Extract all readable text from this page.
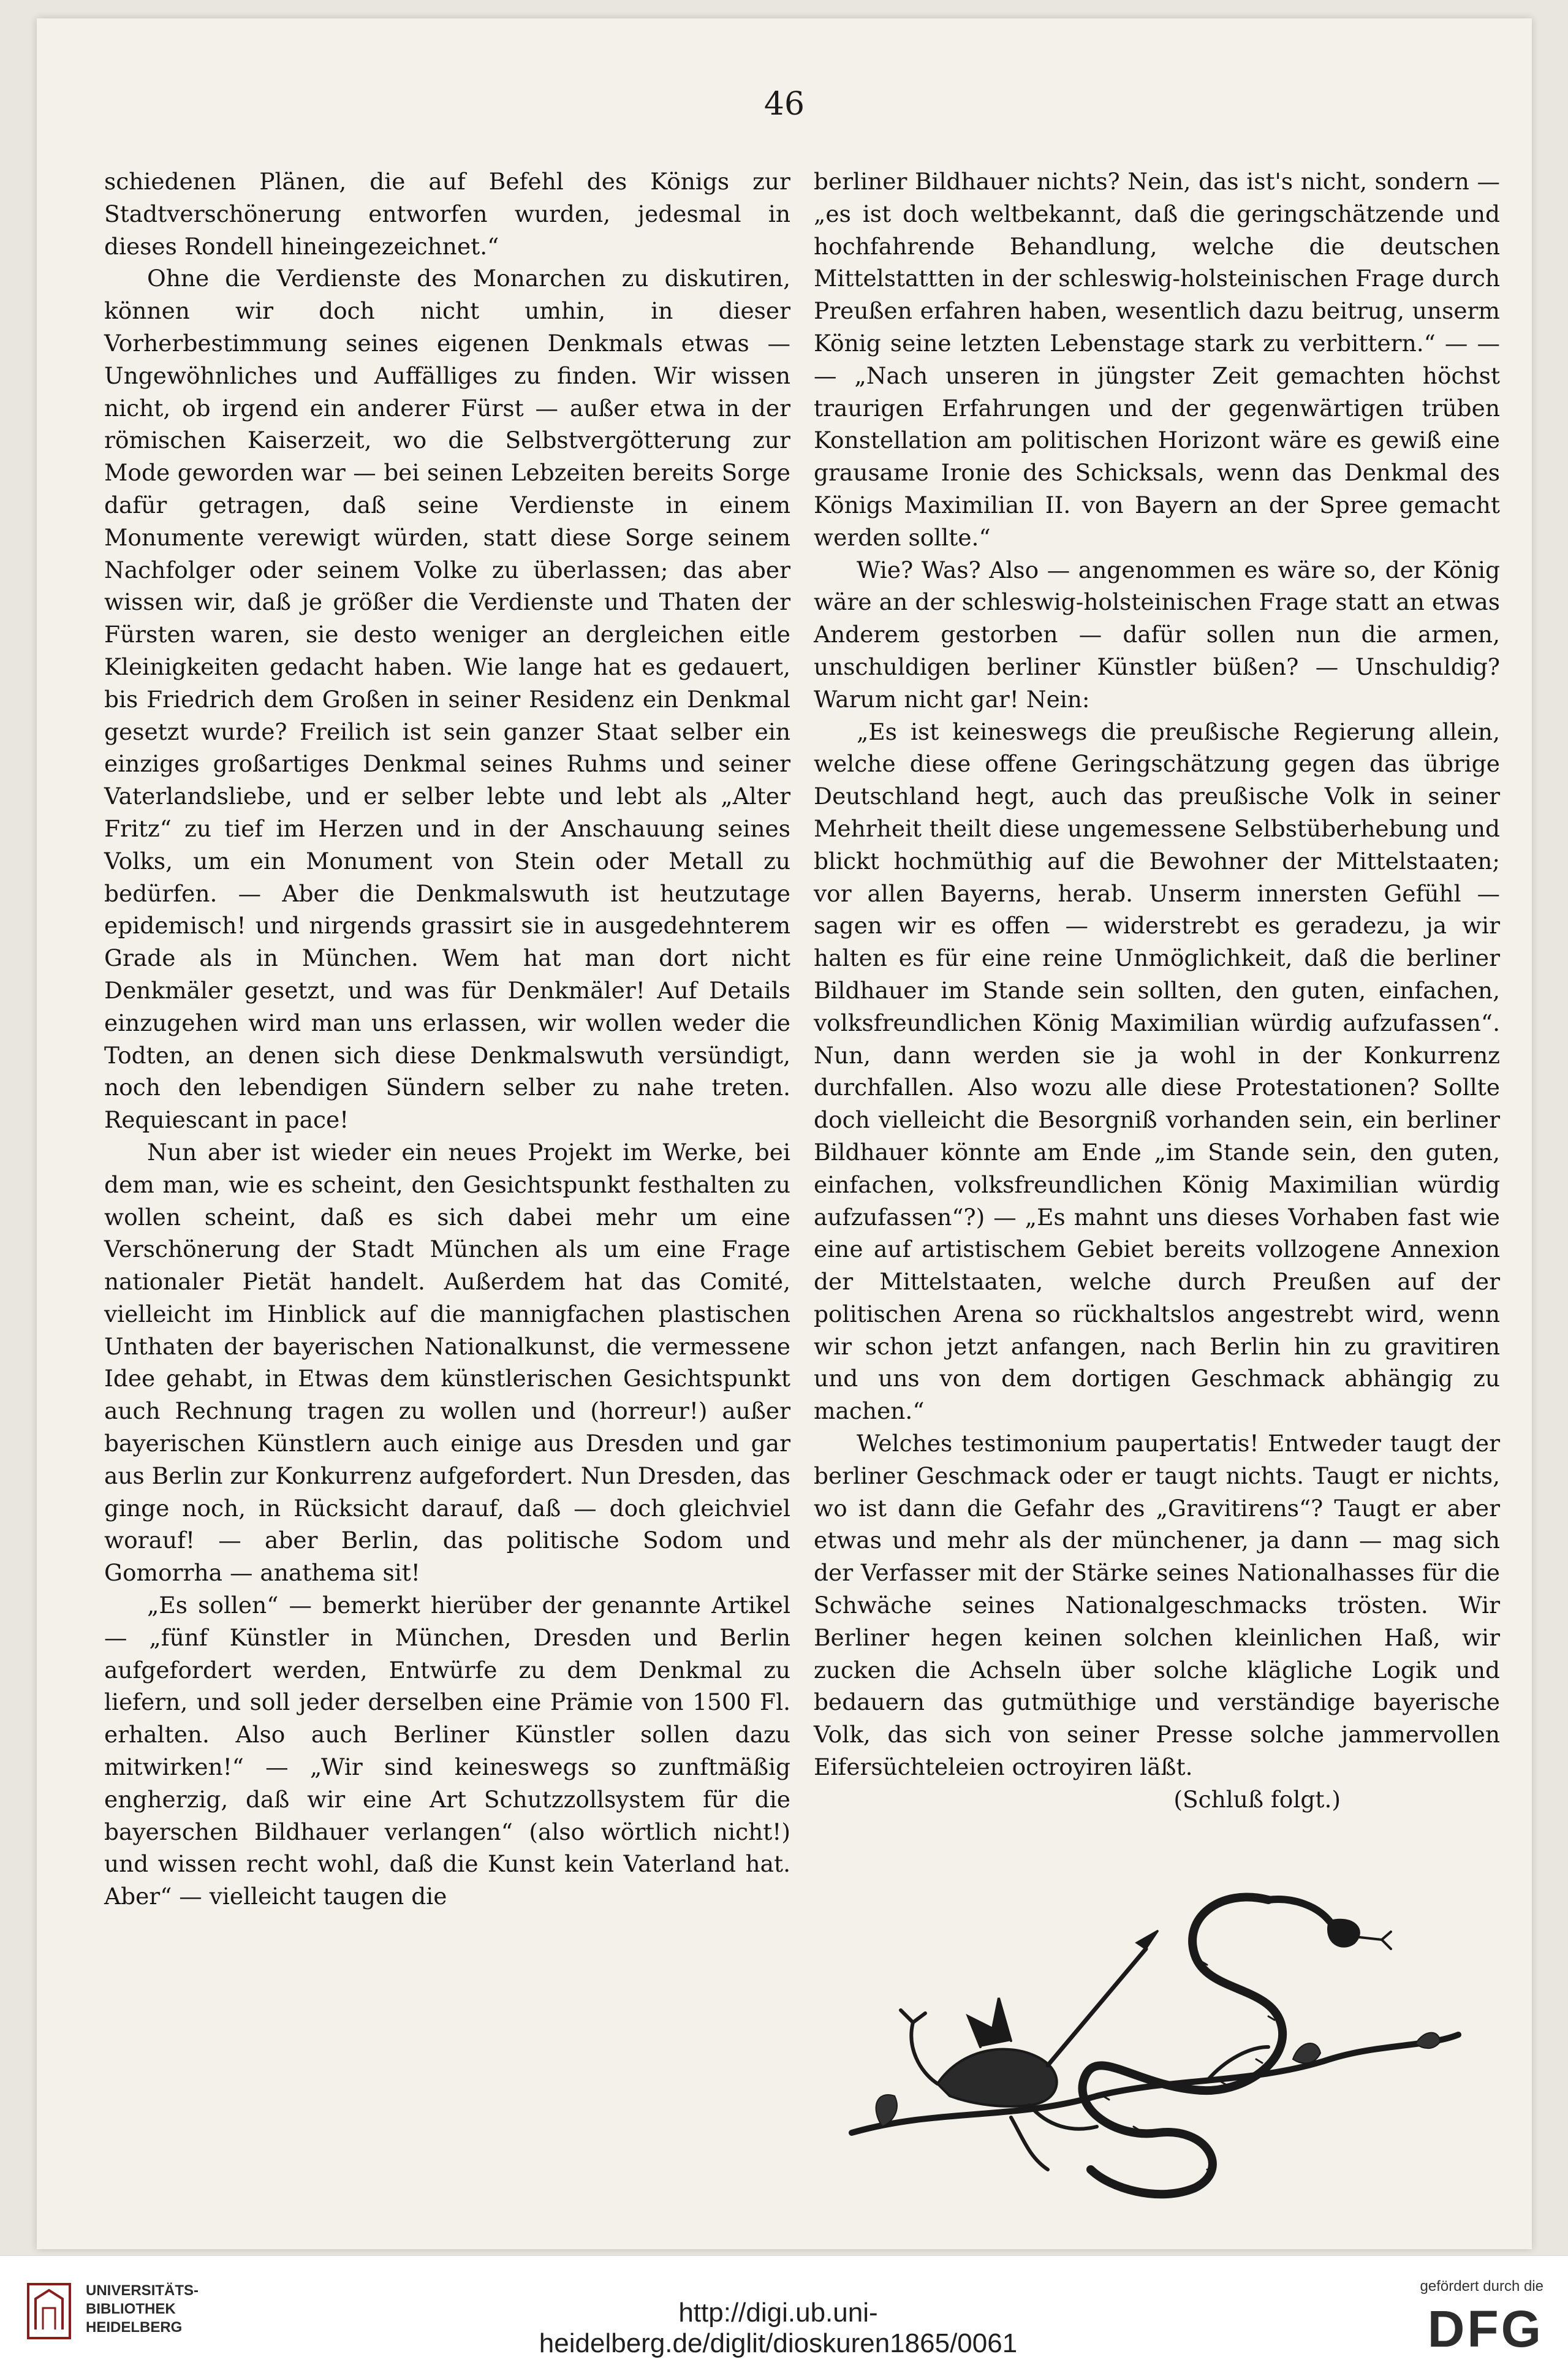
46

schiedenen Plänen, die auf Befehl des Königs zur Stadtverschönerung entworfen wurden, jedesmal in dieses Rondell hineingezeichnet.“

Ohne die Verdienste des Monarchen zu diskutiren, können wir doch nicht umhin, in dieser Vorherbestimmung seines eigenen Denkmals etwas — Ungewöhnliches und Auffälliges zu finden. Wir wissen nicht, ob irgend ein anderer Fürst — außer etwa in der römischen Kaiserzeit, wo die Selbstvergötterung zur Mode geworden war — bei seinen Lebzeiten bereits Sorge dafür getragen, daß seine Verdienste in einem Monumente verewigt würden, statt diese Sorge seinem Nachfolger oder seinem Volke zu überlassen; das aber wissen wir, daß je größer die Verdienste und Thaten der Fürsten waren, sie desto weniger an dergleichen eitle Kleinigkeiten gedacht haben. Wie lange hat es gedauert, bis Friedrich dem Großen in seiner Residenz ein Denkmal gesetzt wurde? Freilich ist sein ganzer Staat selber ein einziges großartiges Denkmal seines Ruhms und seiner Vaterlandsliebe, und er selber lebte und lebt als „Alter Fritz“ zu tief im Herzen und in der Anschauung seines Volks, um ein Monument von Stein oder Metall zu bedürfen. — Aber die Denkmalswuth ist heutzutage epidemisch! und nirgends grassirt sie in ausgedehnterem Grade als in München. Wem hat man dort nicht Denkmäler gesetzt, und was für Denkmäler! Auf Details einzugehen wird man uns erlassen, wir wollen weder die Todten, an denen sich diese Denkmalswuth versündigt, noch den lebendigen Sündern selber zu nahe treten. Requiescant in pace!

Nun aber ist wieder ein neues Projekt im Werke, bei dem man, wie es scheint, den Gesichtspunkt festhalten zu wollen scheint, daß es sich dabei mehr um eine Verschönerung der Stadt München als um eine Frage nationaler Pietät handelt. Außerdem hat das Comité, vielleicht im Hinblick auf die mannigfachen plastischen Unthaten der bayerischen Nationalkunst, die vermessene Idee gehabt, in Etwas dem künstlerischen Gesichtspunkt auch Rechnung tragen zu wollen und (horreur!) außer bayerischen Künstlern auch einige aus Dresden und gar aus Berlin zur Konkurrenz aufgefordert. Nun Dresden, das ginge noch, in Rücksicht darauf, daß — doch gleichviel worauf! — aber Berlin, das politische Sodom und Gomorrha — anathema sit!

„Es sollen“ — bemerkt hierüber der genannte Artikel — „fünf Künstler in München, Dresden und Berlin aufgefordert werden, Entwürfe zu dem Denkmal zu liefern, und soll jeder derselben eine Prämie von 1500 Fl. erhalten. Also auch Berliner Künstler sollen dazu mitwirken!“ — „Wir sind keineswegs so zunftmäßig engherzig, daß wir eine Art Schutzzollsystem für die bayerschen Bildhauer verlangen“ (also wörtlich nicht!) und wissen recht wohl, daß die Kunst kein Vaterland hat. Aber“ — vielleicht taugen die

berliner Bildhauer nichts? Nein, das ist's nicht, sondern — „es ist doch weltbekannt, daß die geringschätzende und hochfahrende Behandlung, welche die deutschen Mittelstattten in der schleswig-holsteinischen Frage durch Preußen erfahren haben, wesentlich dazu beitrug, unserm König seine letzten Lebenstage stark zu verbittern.“ — — — „Nach unseren in jüngster Zeit gemachten höchst traurigen Erfahrungen und der gegenwärtigen trüben Konstellation am politischen Horizont wäre es gewiß eine grausame Ironie des Schicksals, wenn das Denkmal des Königs Maximilian II. von Bayern an der Spree gemacht werden sollte.“

Wie? Was? Also — angenommen es wäre so, der König wäre an der schleswig-holsteinischen Frage statt an etwas Anderem gestorben — dafür sollen nun die armen, unschuldigen berliner Künstler büßen? — Unschuldig? Warum nicht gar! Nein:

„Es ist keineswegs die preußische Regierung allein, welche diese offene Geringschätzung gegen das übrige Deutschland hegt, auch das preußische Volk in seiner Mehrheit theilt diese ungemessene Selbstüberhebung und blickt hochmüthig auf die Bewohner der Mittelstaaten; vor allen Bayerns, herab. Unserm innersten Gefühl — sagen wir es offen — widerstrebt es geradezu, ja wir halten es für eine reine Unmöglichkeit, daß die berliner Bildhauer im Stande sein sollten, den guten, einfachen, volksfreundlichen König Maximilian würdig aufzufassen“. Nun, dann werden sie ja wohl in der Konkurrenz durchfallen. Also wozu alle diese Protestationen? Sollte doch vielleicht die Besorgniß vorhanden sein, ein berliner Bildhauer könnte am Ende „im Stande sein, den guten, einfachen, volksfreundlichen König Maximilian würdig aufzufassen“?) — „Es mahnt uns dieses Vorhaben fast wie eine auf artistischem Gebiet bereits vollzogene Annexion der Mittelstaaten, welche durch Preußen auf der politischen Arena so rückhaltslos angestrebt wird, wenn wir schon jetzt anfangen, nach Berlin hin zu gravitiren und uns von dem dortigen Geschmack abhängig zu machen.“

Welches testimonium paupertatis! Entweder taugt der berliner Geschmack oder er taugt nichts. Taugt er nichts, wo ist dann die Gefahr des „Gravitirens“? Taugt er aber etwas und mehr als der münchener, ja dann — mag sich der Verfasser mit der Stärke seines Nationalhasses für die Schwäche seines Nationalgeschmacks trösten. Wir Berliner hegen keinen solchen kleinlichen Haß, wir zucken die Achseln über solche klägliche Logik und bedauern das gutmüthige und verständige bayerische Volk, das sich von seiner Presse solche jammervollen Eifersüchteleien octroyiren läßt.

(Schluß folgt.)

UNIVERSITÄTS-
BIBLIOTHEK
HEIDELBERG	http://digi.ub.uni-heidelberg.de/diglit/dioskuren1865/0061
gefördert durch die
DFG
